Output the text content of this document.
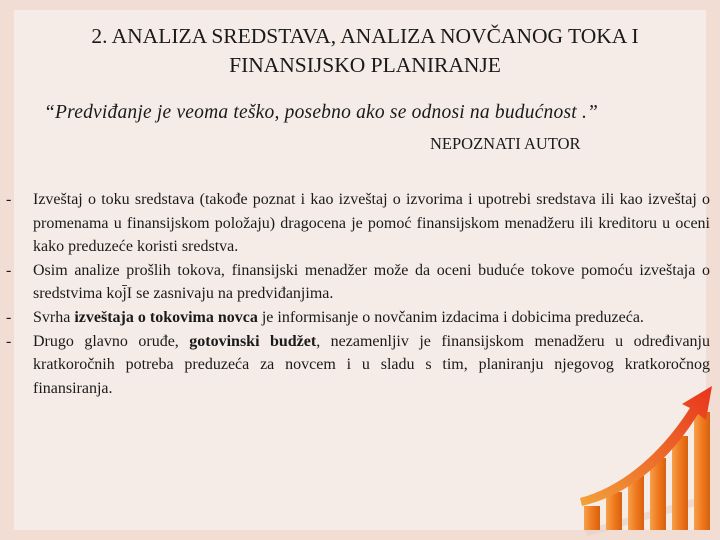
2. ANALIZA SREDSTAVA, ANALIZA NOVČANOG TOKA I
FINANSIJSKO PLANIRANJE
“Predviđanje je veoma teško, posebno ako se odnosi na budućnost .”
NEPOZNATI AUTOR
- Izveštaj o toku sredstava (takođe poznat i kao izveštaj o izvorima i upotrebi sredstava ili kao izveštaj o promenama u finansijskom položaju) dragocena je pomoć finansijskom menadžeru ili kreditoru u oceni kako preduzeće koristi sredstva.
- Osim analize prošlih tokova, finansijski menadžer može da oceni buduće tokove pomoću izveštaja o sredstvima koj̄I se zasnivaju na predviđanjima.
- Svrha izveštaja o tokovima novca je informisanje o novčanim izdacima i dobicima preduzeća.
- Drugo glavno oruđe, gotovinski budžet, nezamenljiv je finansijskom menadžeru u određivanju kratkoročnih potreba preduzeća za novcem i u sladu s tim, planiranju njegovog kratkoročnog finansiranja.
